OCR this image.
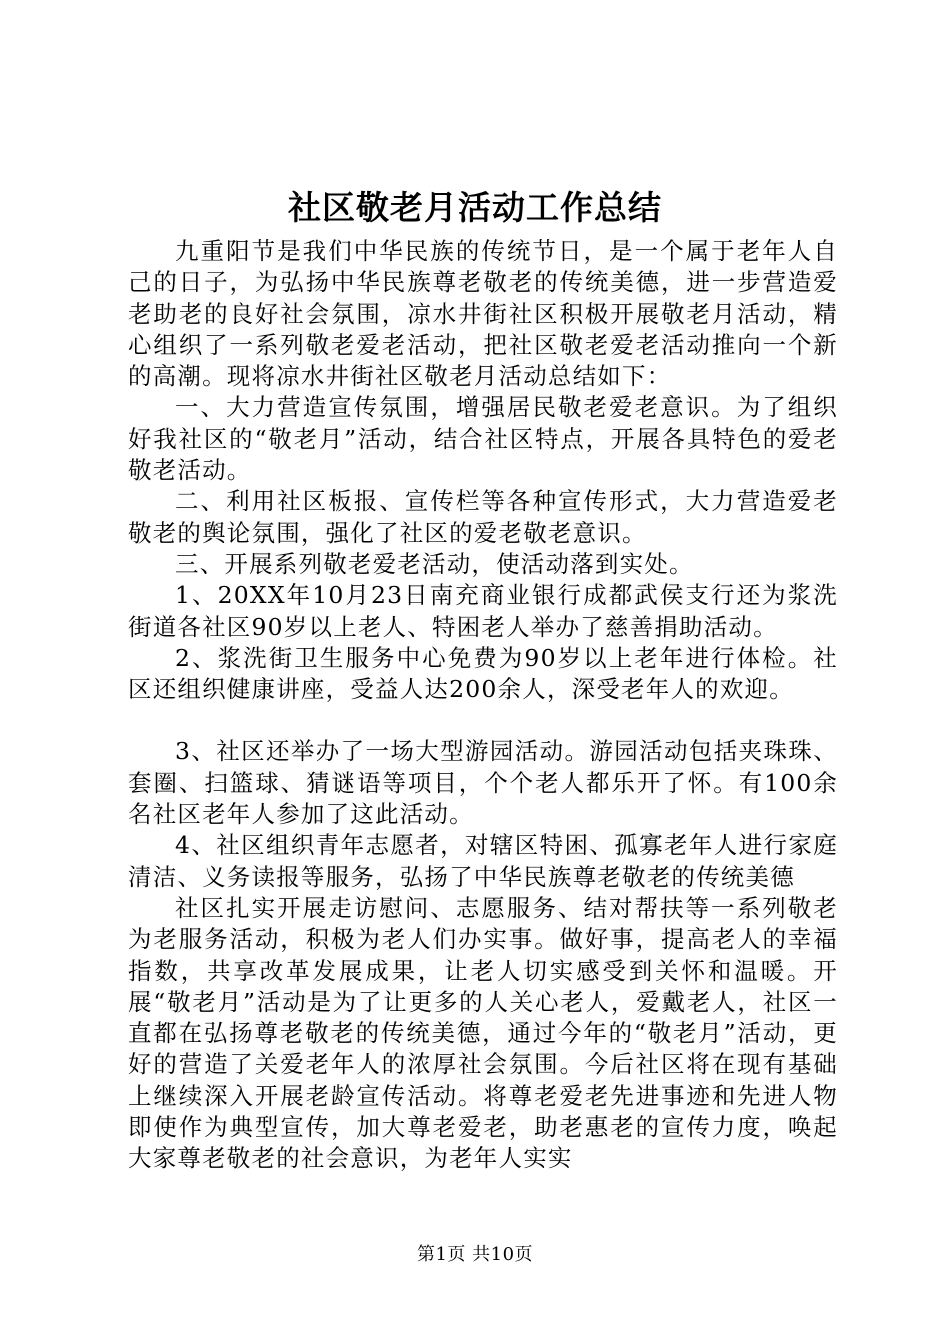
社区敬老月活动工作总结

九重阳节是我们中华民族的传统节日，是一个属于老年人自己的日子，为弘扬中华民族尊老敬老的传统美德，进一步营造爱老助老的良好社会氛围，凉水井街社区积极开展敬老月活动，精心组织了一系列敬老爱老活动，把社区敬老爱老活动推向一个新的高潮。现将凉水井街社区敬老月活动总结如下：

一、大力营造宣传氛围，增强居民敬老爱老意识。为了组织好我社区的“敬老月”活动，结合社区特点，开展各具特色的爱老敬老活动。

二、利用社区板报、宣传栏等各种宣传形式，大力营造爱老敬老的舆论氛围，强化了社区的爱老敬老意识。

三、开展系列敬老爱老活动，使活动落到实处。

1、20XX年10月23日南充商业银行成都武侯支行还为浆洗街道各社区90岁以上老人、特困老人举办了慈善捐助活动。

2、浆洗街卫生服务中心免费为90岁以上老年进行体检。社区还组织健康讲座，受益人达200余人，深受老年人的欢迎。

3、社区还举办了一场大型游园活动。游园活动包括夹珠珠、套圈、扫篮球、猜谜语等项目，个个老人都乐开了怀。有100余名社区老年人参加了这此活动。

4、社区组织青年志愿者，对辖区特困、孤寡老年人进行家庭清洁、义务读报等服务，弘扬了中华民族尊老敬老的传统美德

社区扎实开展走访慰问、志愿服务、结对帮扶等一系列敬老为老服务活动，积极为老人们办实事。做好事，提高老人的幸福指数，共享改革发展成果，让老人切实感受到关怀和温暖。开展“敬老月”活动是为了让更多的人关心老人，爱戴老人，社区一直都在弘扬尊老敬老的传统美德，通过今年的“敬老月”活动，更好的营造了关爱老年人的浓厚社会氛围。今后社区将在现有基础上继续深入开展老龄宣传活动。将尊老爱老先进事迹和先进人物即使作为典型宣传，加大尊老爱老，助老惠老的宣传力度，唤起大家尊老敬老的社会意识，为老年人实实

第1页 共10页
